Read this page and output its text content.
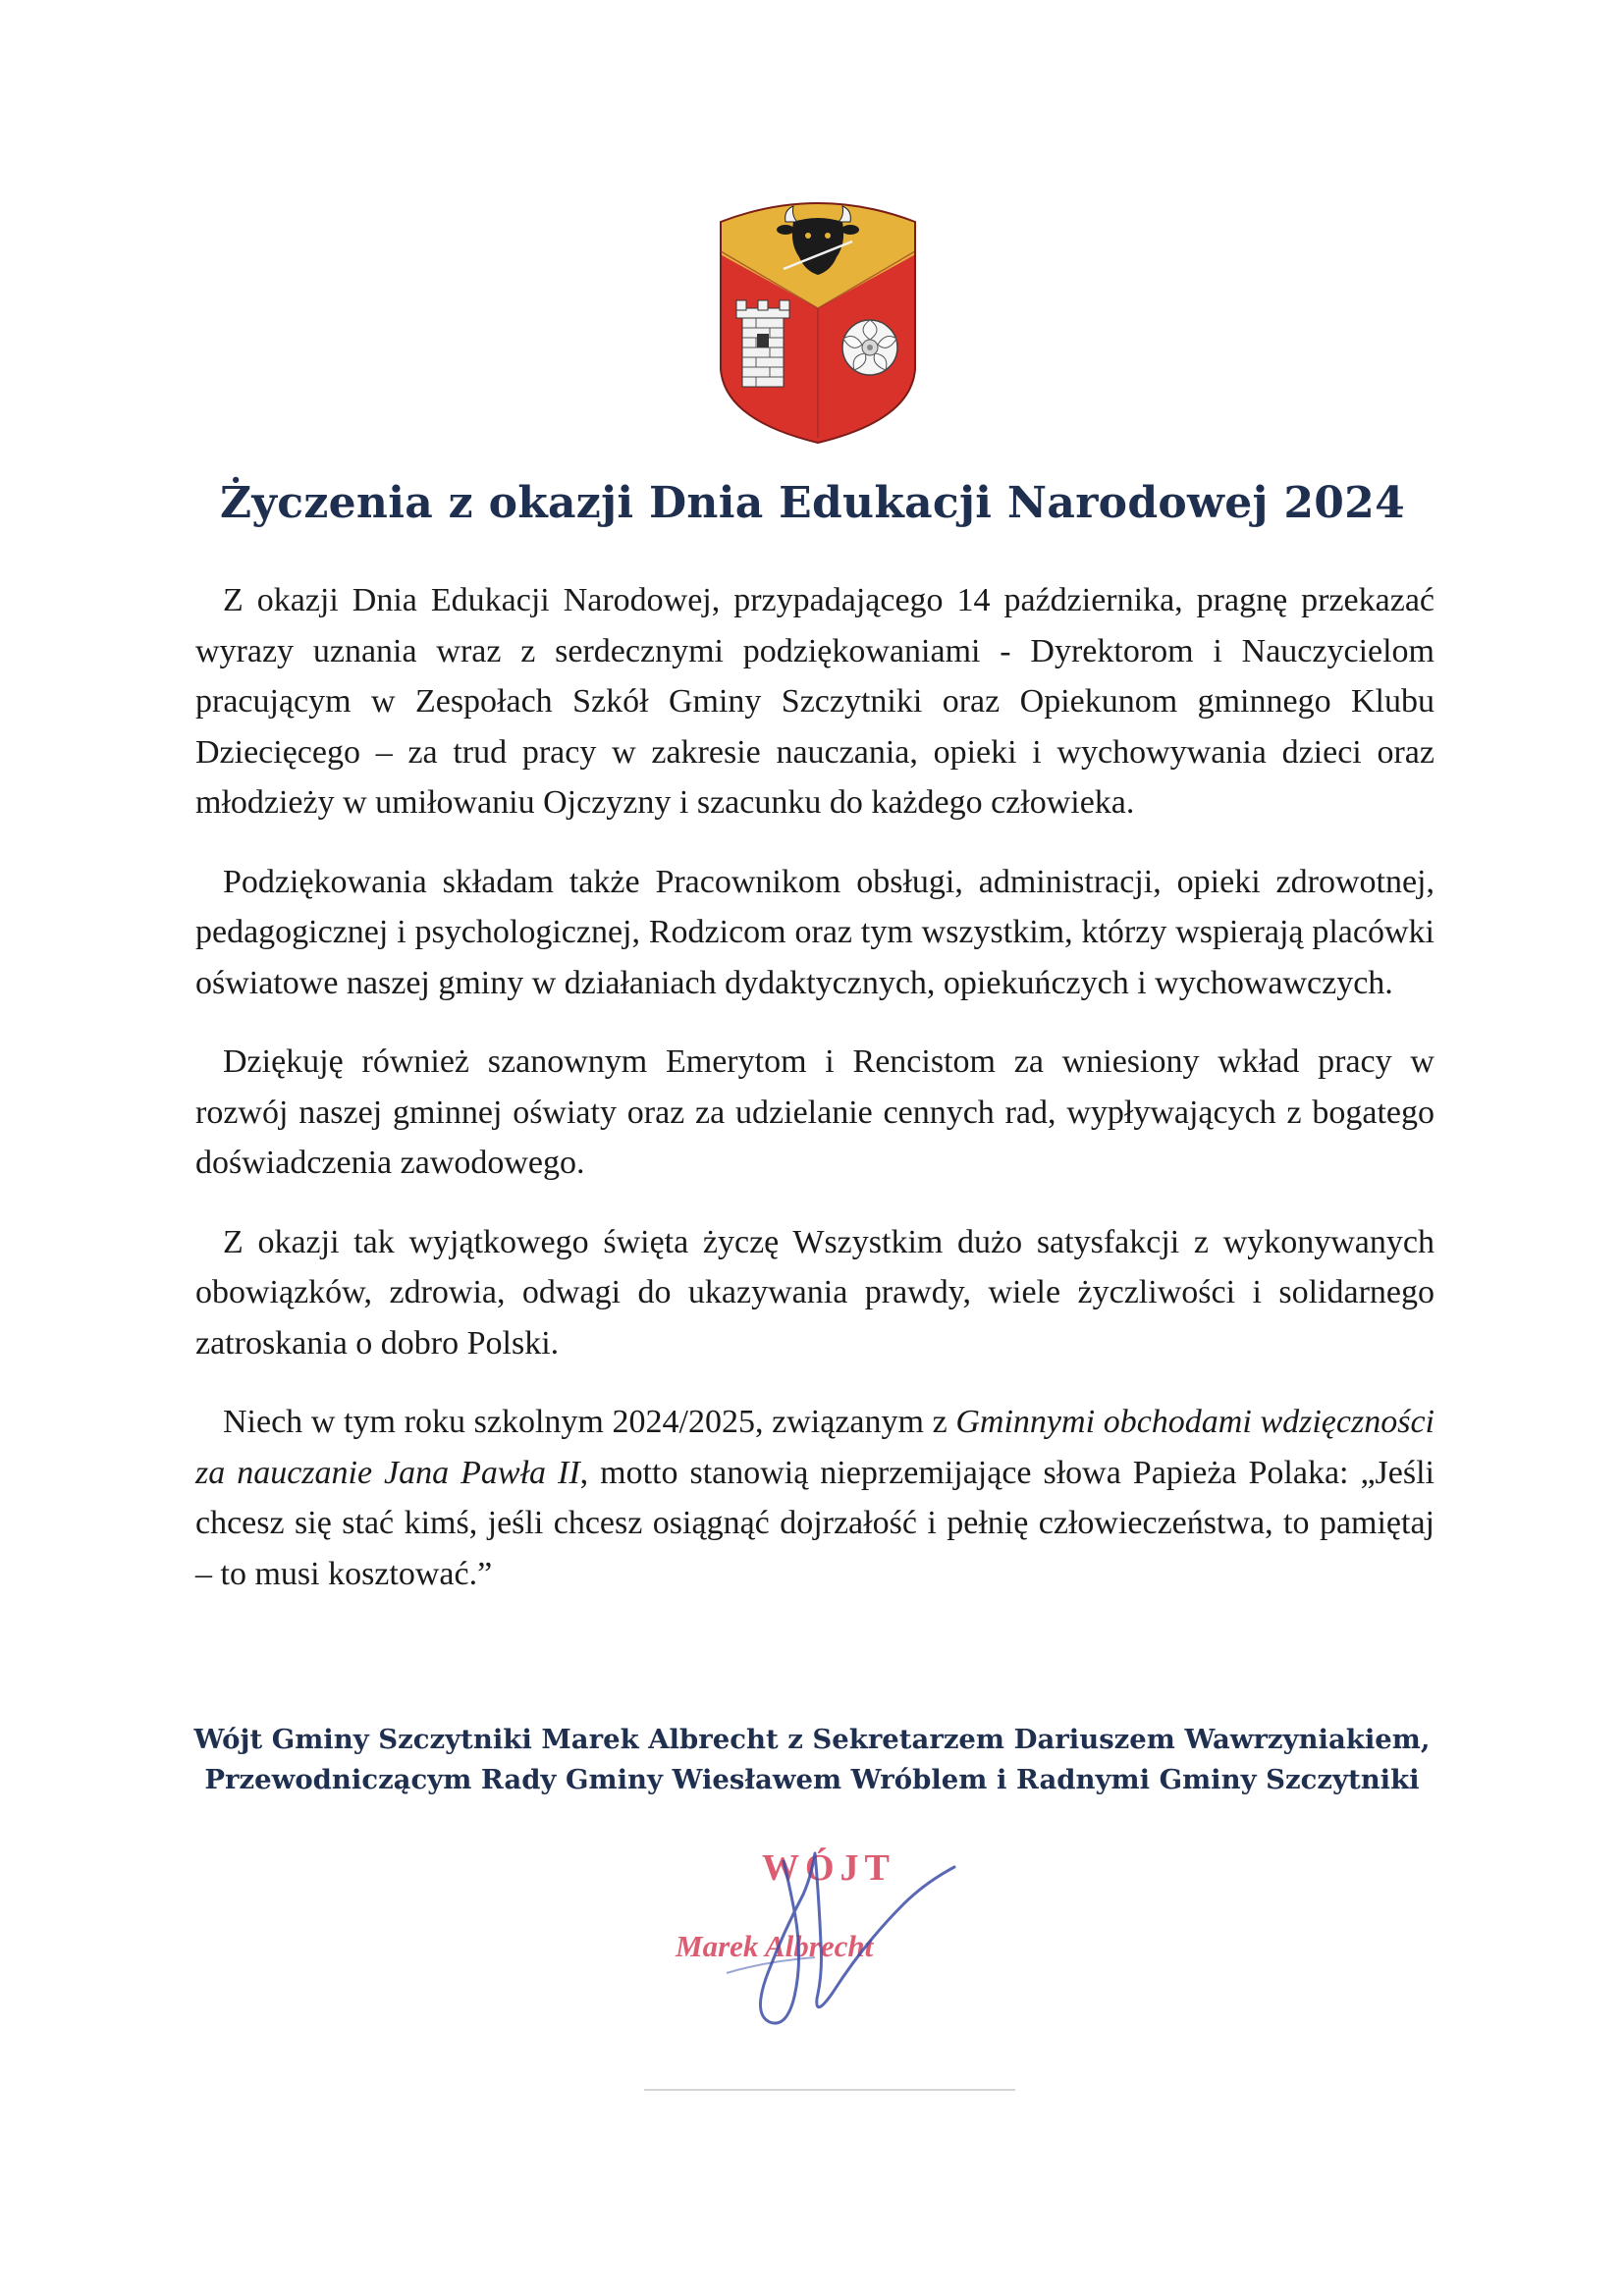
Życzenia z okazji Dnia Edukacji Narodowej 2024

Z okazji Dnia Edukacji Narodowej, przypadającego 14 października, pragnę przekazać wyrazy uznania wraz z serdecznymi podziękowaniami - Dyrektorom i Nauczycielom pracującym w Zespołach Szkół Gminy Szczytniki oraz Opiekunom gminnego Klubu Dziecięcego – za trud pracy w zakresie nauczania, opieki i wychowywania dzieci oraz młodzieży w umiłowaniu Ojczyzny i szacunku do każdego człowieka.

Podziękowania składam także Pracownikom obsługi, administracji, opieki zdrowotnej, pedagogicznej i psychologicznej, Rodzicom oraz tym wszystkim, którzy wspierają placówki oświatowe naszej gminy w działaniach dydaktycznych, opiekuńczych i wychowawczych.

Dziękuję również szanownym Emerytom i Rencistom za wniesiony wkład pracy w rozwój naszej gminnej oświaty oraz za udzielanie cennych rad, wypływających z bogatego doświadczenia zawodowego.

Z okazji tak wyjątkowego święta życzę Wszystkim dużo satysfakcji z wykonywanych obowiązków, zdrowia, odwagi do ukazywania prawdy, wiele życzliwości i solidarnego zatroskania o dobro Polski.

Niech w tym roku szkolnym 2024/2025, związanym z Gminnymi obchodami wdzięczności za nauczanie Jana Pawła II, motto stanowią nieprzemijające słowa Papieża Polaka: „Jeśli chcesz się stać kimś, jeśli chcesz osiągnąć dojrzałość i pełnię człowieczeństwa, to pamiętaj – to musi kosztować.”

Wójt Gminy Szczytniki Marek Albrecht z Sekretarzem Dariuszem Wawrzyniakiem,
Przewodniczącym Rady Gminy Wiesławem Wróblem i Radnymi Gminy Szczytniki
WÓJT
Marek Albrecht
